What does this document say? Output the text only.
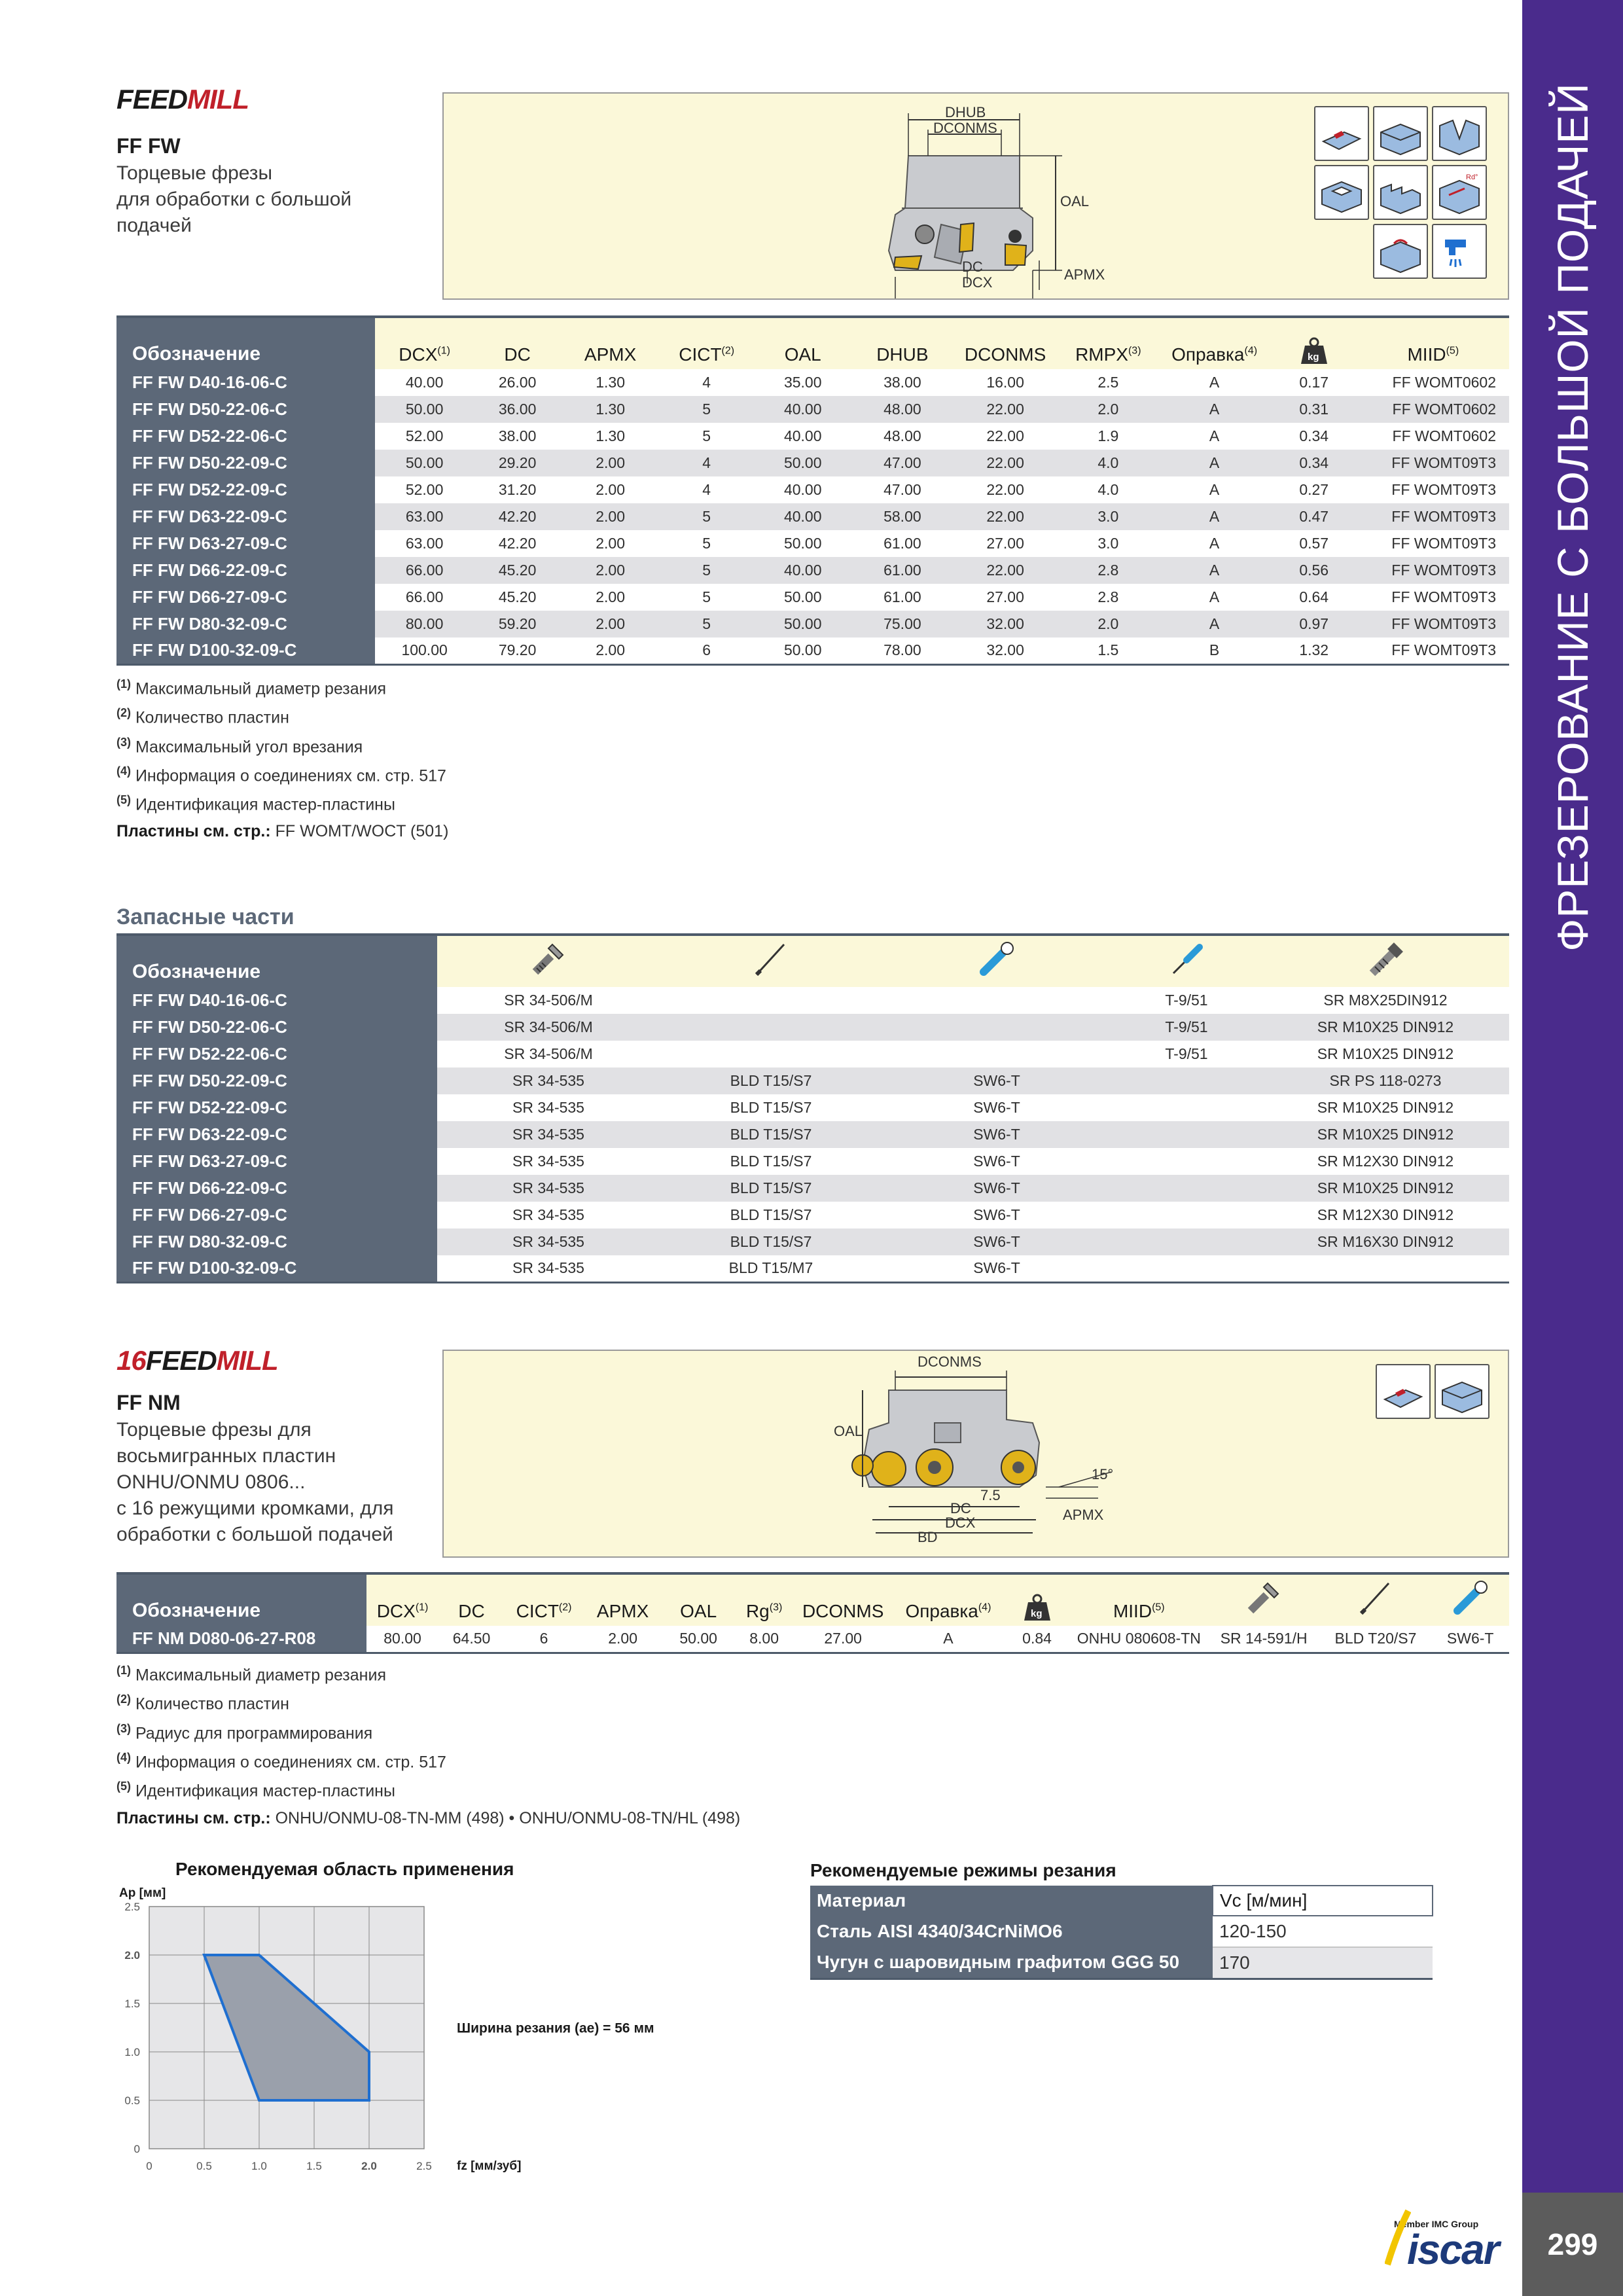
ФРЕЗЕРОВАНИЕ С БОЛЬШОЙ ПОДАЧЕЙ
299
FEEDMILL
FF FW
Торцевые фрезы
для обработки с большой
подачей
DHUB
DCONMS
OAL
DC
DCX	APMX
Rd°
Обозначение	DCX$^{(1)}$	DC	APMX	CICT$^{(2)}$	OAL	DHUB	DCONMS	RMPX$^{(3)}$	Оправка$^{(4)}$	kg	MIID$^{(5)}$
FF FW D40-16-06-C	40.00	26.00	1.30	4	35.00	38.00	16.00	2.5	A	0.17	FF WOMT0602
FF FW D50-22-06-C	50.00	36.00	1.30	5	40.00	48.00	22.00	2.0	A	0.31	FF WOMT0602
FF FW D52-22-06-C	52.00	38.00	1.30	5	40.00	48.00	22.00	1.9	A	0.34	FF WOMT0602
FF FW D50-22-09-C	50.00	29.20	2.00	4	50.00	47.00	22.00	4.0	A	0.34	FF WOMT09T3
FF FW D52-22-09-C	52.00	31.20	2.00	4	40.00	47.00	22.00	4.0	A	0.27	FF WOMT09T3
FF FW D63-22-09-C	63.00	42.20	2.00	5	40.00	58.00	22.00	3.0	A	0.47	FF WOMT09T3
FF FW D63-27-09-C	63.00	42.20	2.00	5	50.00	61.00	27.00	3.0	A	0.57	FF WOMT09T3
FF FW D66-22-09-C	66.00	45.20	2.00	5	40.00	61.00	22.00	2.8	A	0.56	FF WOMT09T3
FF FW D66-27-09-C	66.00	45.20	2.00	5	50.00	61.00	27.00	2.8	A	0.64	FF WOMT09T3
FF FW D80-32-09-C	80.00	59.20	2.00	5	50.00	75.00	32.00	2.0	A	0.97	FF WOMT09T3
FF FW D100-32-09-C	100.00	79.20	2.00	6	50.00	78.00	32.00	1.5	B	1.32	FF WOMT09T3
$^{(1)}$ Максимальный диаметр резания
$^{(2)}$ Количество пластин
$^{(3)}$ Максимальный угол врезания
$^{(4)}$ Информация о соединениях см. стр. 517
$^{(5)}$ Идентификация мастер-пластины
Пластины см. стр.: FF WOMT/WOCT (501)
Запасные части
Обозначение					
FF FW D40-16-06-C	SR 34-506/M			T-9/51	SR M8X25DIN912
FF FW D50-22-06-C	SR 34-506/M			T-9/51	SR M10X25 DIN912
FF FW D52-22-06-C	SR 34-506/M			T-9/51	SR M10X25 DIN912
FF FW D50-22-09-C	SR 34-535	BLD T15/S7	SW6-T		SR PS 118-0273
FF FW D52-22-09-C	SR 34-535	BLD T15/S7	SW6-T		SR M10X25 DIN912
FF FW D63-22-09-C	SR 34-535	BLD T15/S7	SW6-T		SR M10X25 DIN912
FF FW D63-27-09-C	SR 34-535	BLD T15/S7	SW6-T		SR M12X30 DIN912
FF FW D66-22-09-C	SR 34-535	BLD T15/S7	SW6-T		SR M10X25 DIN912
FF FW D66-27-09-C	SR 34-535	BLD T15/S7	SW6-T		SR M12X30 DIN912
FF FW D80-32-09-C	SR 34-535	BLD T15/S7	SW6-T		SR M16X30 DIN912
FF FW D100-32-09-C	SR 34-535	BLD T15/M7	SW6-T		
16FEEDMILL
FF NM
Торцевые фрезы для
восьмигранных пластин
ONHU/ONMU 0806...
с 16 режущими кромками, для
обработки с большой подачей
DCONMS
OAL
15°
7.5
DC
DCX
BD
APMX
Обозначение	DCX$^{(1)}$	DC	CICT$^{(2)}$	APMX	OAL	Rg$^{(3)}$	DCONMS	Оправка$^{(4)}$	kg	MIID$^{(5)}$			
FF NM D080-06-27-R08	80.00	64.50	6	2.00	50.00	8.00	27.00	A	0.84	ONHU 080608-TN	SR 14-591/H	BLD T20/S7	SW6-T
$^{(1)}$ Максимальный диаметр резания
$^{(2)}$ Количество пластин
$^{(3)}$ Радиус для программирования
$^{(4)}$ Информация о соединениях см. стр. 517
$^{(5)}$ Идентификация мастер-пластины
Пластины см. стр.: ONHU/ONMU-08-TN-MM (498) • ONHU/ONMU-08-TN/HL (498)
Рекомендуемая область применения
0	0.5	1.0	1.5	2.0	2.5
0
0.5
1.0
1.5
2.0
2.5
Ap [мм]
fz [мм/зуб]
Ширина резания (ae) = 56 мм
Рекомендуемые режимы резания
Материал	Vc [м/мин]
Сталь AISI 4340/34CrNiMO6	120-150
Чугун с шаровидным графитом GGG 50	170
Member IMC Group
iscar
